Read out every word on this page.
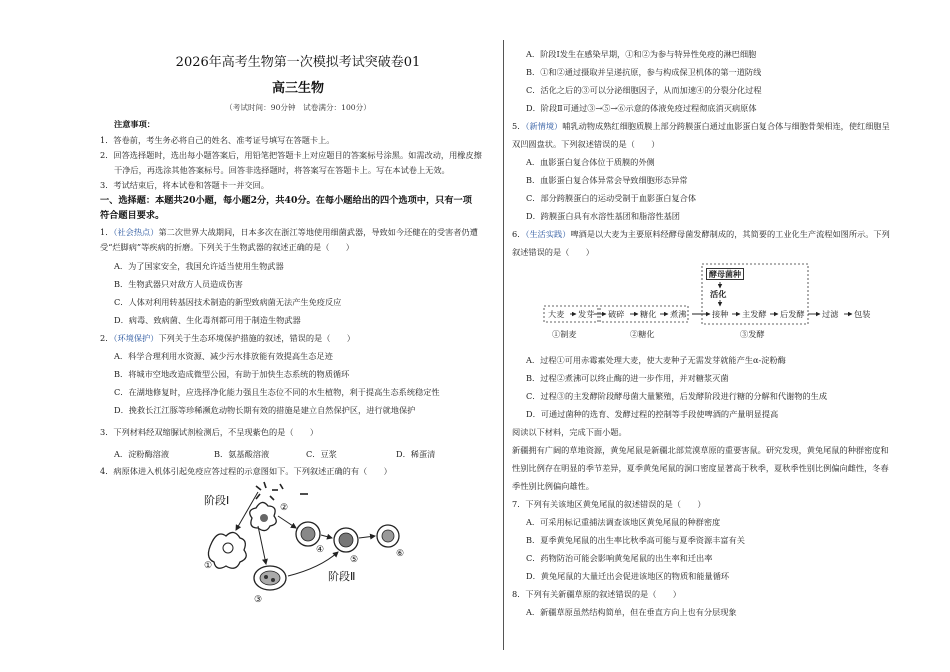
2026年高考生物第一次模拟考试突破卷01
高三生物
（考试时间：90分钟　试卷满分：100分）
注意事项：
1．答卷前，考生务必将自己的姓名、准考证号填写在答题卡上。
2．回答选择题时，选出每小题答案后，用铅笔把答题卡上对应题目的答案标号涂黑。如需改动，用橡皮擦
干净后，再选涂其他答案标号。回答非选择题时，将答案写在答题卡上。写在本试卷上无效。
3．考试结束后，将本试卷和答题卡一并交回。
一、选择题：本题共20小题，每小题2分，共40分。在每小题给出的四个选项中，只有一项
符合题目要求。
1．（社会热点）第二次世界大战期间，日本多次在浙江等地使用细菌武器，导致如今还健在的受害者仍遭
受“烂脚病”等疾病的折磨。下列关于生物武器的叙述正确的是（　　）
A．为了国家安全，我国允许适当使用生物武器
B．生物武器只对敌方人员造成伤害
C．人体对利用转基因技术制造的新型致病菌无法产生免疫反应
D．病毒、致病菌、生化毒剂都可用于制造生物武器
2．（环境保护）下列关于生态环境保护措施的叙述，错误的是（　　）
A．科学合理利用水资源、减少污水排放能有效提高生态足迹
B．将城市空地改造成微型公园，有助于加快生态系统的物质循环
C．在湖地修复时，应选择净化能力强且生态位不同的水生植物，利于提高生态系统稳定性
D．挽救长江江豚等珍稀濒危动物长期有效的措施是建立自然保护区，进行就地保护
3．下列材料经双缩脲试剂检测后，不呈现紫色的是（　　）
A．淀粉酶溶液	B．氨基酸溶液	C．豆浆	D．稀蛋清
4．病原体进入机体引起免疫应答过程的示意图如下。下列叙述正确的有（　　）
阶段Ⅰ
阶段Ⅱ
①
②
③
④
⑤
⑥
A．阶段Ⅰ发生在感染早期，①和②为参与特异性免疫的淋巴细胞
B．①和②通过摄取并呈递抗原，参与构成保卫机体的第一道防线
C．活化之后的③可以分泌细胞因子，从而加速④的分裂分化过程
D．阶段Ⅱ可通过③→⑤→⑥示意的体液免疫过程彻底消灭病原体
5．（新情境）哺乳动物成熟红细胞质膜上部分跨膜蛋白通过血影蛋白复合体与细胞骨架相连，使红细胞呈
双凹圆盘状。下列叙述错误的是（　　）
A．血影蛋白复合体位于质膜的外侧
B．血影蛋白复合体异常会导致细胞形态异常
C．部分跨膜蛋白的运动受制于血影蛋白复合体
D．跨膜蛋白具有水溶性基团和脂溶性基团
6．（生活实践）啤酒是以大麦为主要原料经酵母菌发酵制成的，其简要的工业化生产流程如图所示。下列
叙述错误的是（　　）
酵母菌种
活化
大麦 发芽 破碎 糖化 煮沸	接种 主发酵 后发酵 过滤 包装
①制麦	②糖化	③发酵
A．过程①可用赤霉素处理大麦，使大麦种子无需发芽就能产生α-淀粉酶
B．过程②煮沸可以终止酶的进一步作用，并对糖浆灭菌
C．过程③的主发酵阶段酵母菌大量繁殖，后发酵阶段进行糖的分解和代谢物的生成
D．可通过菌种的选育、发酵过程的控制等手段使啤酒的产量明显提高
阅读以下材料，完成下面小题。
新疆拥有广阔的草地资源，黄兔尾鼠是新疆北部荒漠草原的重要害鼠。研究发现，黄兔尾鼠的种群密度和
性别比例存在明显的季节差异，夏季黄兔尾鼠的洞口密度显著高于秋季，夏秋季性别比例偏向雌性，冬春
季性别比例偏向雄性。
7．下列有关该地区黄兔尾鼠的叙述错误的是（　　）
A．可采用标记重捕法调查该地区黄兔尾鼠的种群密度
B．夏季黄兔尾鼠的出生率比秋季高可能与夏季资源丰富有关
C．药物防治可能会影响黄兔尾鼠的出生率和迁出率
D．黄兔尾鼠的大量迁出会促进该地区的物质和能量循环
8．下列有关新疆草原的叙述错误的是（　　）
A．新疆草原虽然结构简单，但在垂直方向上也有分层现象
